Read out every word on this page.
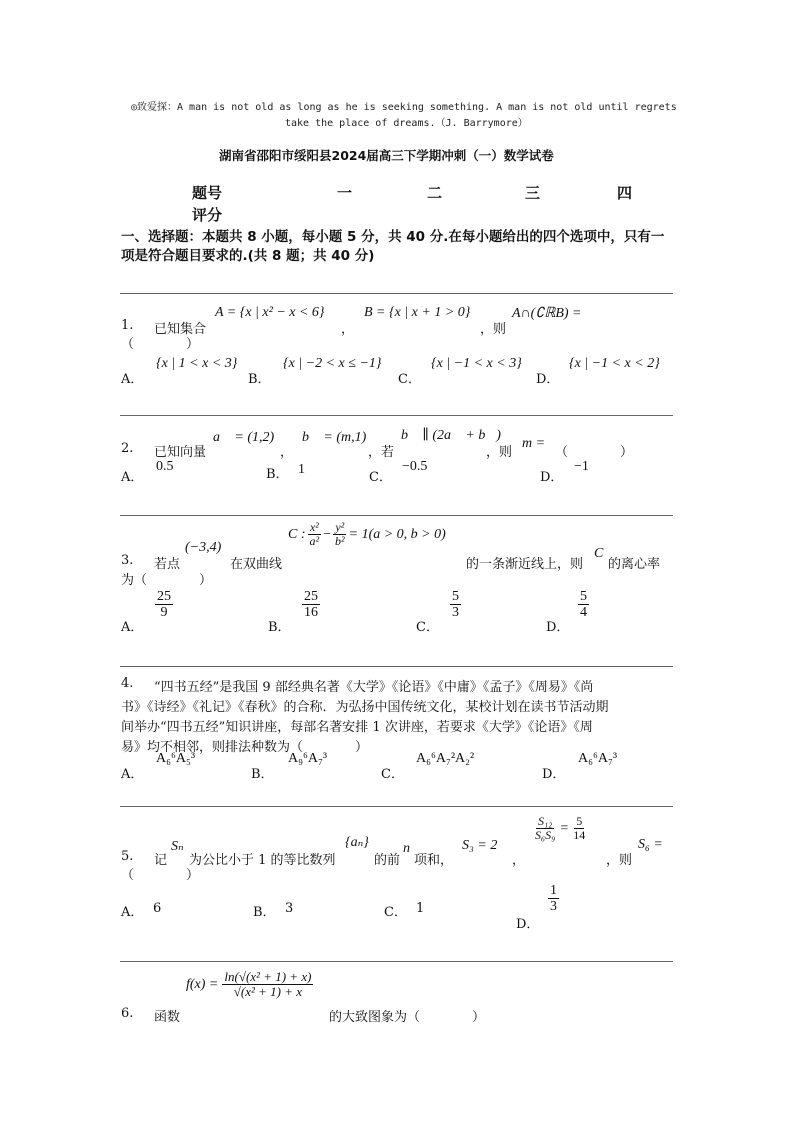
◎致爱探：A man is not old as long as he is seeking something. A man is not old until regrets
take the place of dreams.（J. Barrymore）
湖南省邵阳市绥阳县2024届高三下学期冲刺（一）数学试卷
题号	一	二	三	四
评分
一、选择题：本题共 8 小题，每小题 5 分，共 40 分.在每小题给出的四个选项中，只有一
项是符合题目要求的.(共 8 题；共 40 分)
1. 已知集合
A = {x | x² − x < 6}
，
B = {x | x + 1 > 0}
，则
A∩(∁ℝB) =
（　　　　）
A．
{x | 1 < x < 3}
B．
{x | −2 < x ≤ −1}
C．
{x | −1 < x < 3}
D．
{x | −1 < x < 2}
2. 已知向量
a⃗ = (1,2)
，
b⃗ = (m,1)
，若
b⃗ ∥ (2a⃗ + b⃗)
，则
m =
（　　　　）
A．
0.5
B． 1
C．
−0.5
D．
−1
3. 若点
(−3,4)
在双曲线
C : $\frac{\text{x²}}{\text{a²}} - \frac{\text{y²}}{\text{b²}} = 1(a > 0$, b > 0)
的一条渐近线上，则
C
的离心率
为（　　　　）
A．
$\frac{25}{9}$
B．
$\frac{25}{16}$
C．
$\frac{5}{3}$
D．
$\frac{5}{4}$
4. “四书五经”是我国 9 部经典名著《大学》《论语》《中庸》《孟子》《周易》《尚
书》《诗经》《礼记》《春秋》的合称．为弘扬中国传统文化，某校计划在读书节活动期
间举办“四书五经”知识讲座，每部名著安排 1 次讲座，若要求《大学》《论语》《周
易》均不相邻，则排法种数为（　　　　）
A．
A₆⁶A₅³
B．
A₉⁶A₇³
C．
A₆⁶A₇²A₂²
D．
A₆⁶A₇³
5. 记
Sₙ
为公比小于 1 的等比数列
{aₙ}
的前
n
项和，
S₃ = 2
，
$\frac{\text{S₁₂}}{\text{S₆S₉}} = \frac{5}{14}$
，则
S₆ =
（　　　　）
A． 6	B． 3	C． 1
D．
$\frac{1}{3}$
6. 函数
$f(x) = \frac{\text{ln(√(x² + 1) + x)}}{\text{√(x² + 1) + x}}$
的大致图象为（　　　　）
